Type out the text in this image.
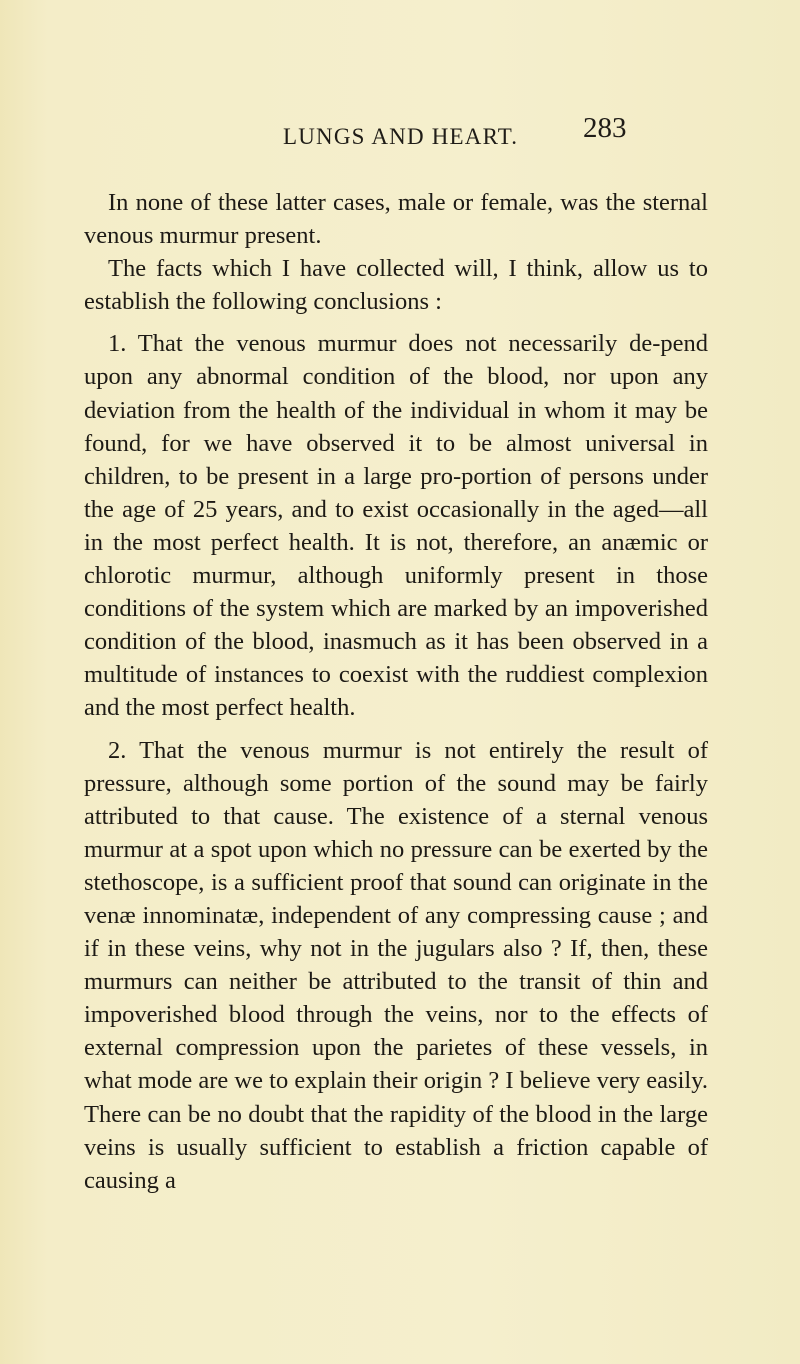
LUNGS AND HEART. 283

In none of these latter cases, male or female, was the sternal venous murmur present.

The facts which I have collected will, I think, allow us to establish the following conclusions :

1. That the venous murmur does not necessarily de-pend upon any abnormal condition of the blood, nor upon any deviation from the health of the individual in whom it may be found, for we have observed it to be almost universal in children, to be present in a large pro-portion of persons under the age of 25 years, and to exist occasionally in the aged—all in the most perfect health. It is not, therefore, an anæmic or chlorotic murmur, although uniformly present in those conditions of the system which are marked by an impoverished condition of the blood, inasmuch as it has been observed in a multitude of instances to coexist with the ruddiest complexion and the most perfect health.

2. That the venous murmur is not entirely the result of pressure, although some portion of the sound may be fairly attributed to that cause. The existence of a sternal venous murmur at a spot upon which no pressure can be exerted by the stethoscope, is a sufficient proof that sound can originate in the venæ innominatæ, independent of any compressing cause ; and if in these veins, why not in the jugulars also ? If, then, these murmurs can neither be attributed to the transit of thin and impoverished blood through the veins, nor to the effects of external compression upon the parietes of these vessels, in what mode are we to explain their origin ? I believe very easily. There can be no doubt that the rapidity of the blood in the large veins is usually sufficient to establish a friction capable of causing a
